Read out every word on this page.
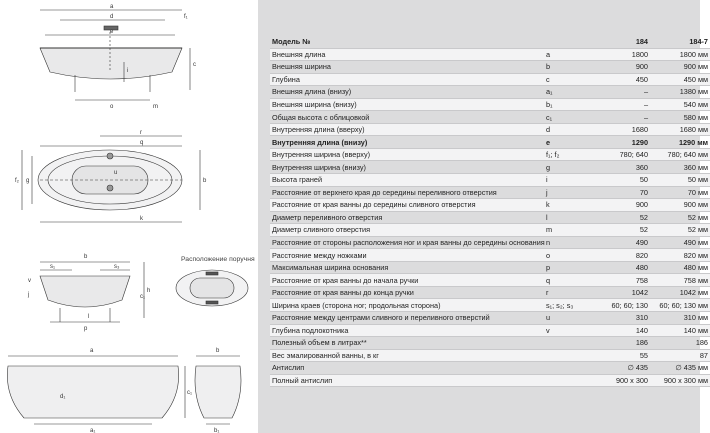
a
d	f₁
e
c
i
o	m
r
q
f₂ g	b
u
k
b
s₁	s₃
v
j
l
h
p
a
a₁
c₁
b
b₁
c₁
d₁
Расположение поручня
Модель №		184	184-7
Внешняя длина	a	1800	1800 мм
Внешняя ширина	b	900	900 мм
Глубина	c	450	450 мм
Внешняя длина (внизу)	a₁	–	1380 мм
Внешняя ширина (внизу)	b₁	–	540 мм
Общая высота с облицовкой	c₁	–	580 мм
Внутренняя длина (вверху)	d	1680	1680 мм
Внутренняя длина (внизу)	e	1290	1290 мм
Внутренняя ширина (вверху)	f₁; f₂	780; 640	780; 640 мм
Внутренняя ширина (внизу)	g	360	360 мм
Высота граней	i	50	50 мм
Расстояние от верхнего края до середины переливного отверстия	j	70	70 мм
Расстояние от края ванны до середины сливного отверстия	k	900	900 мм
Диаметр переливного отверстия	l	52	52 мм
Диаметр сливного отверстия	m	52	52 мм
Расстояние от стороны расположения ног и края ванны до середины основания	n	490	490 мм
Расстояние между ножками	o	820	820 мм
Максимальная ширина основания	p	480	480 мм
Расстояние от края ванны до начала ручки	q	758	758 мм
Расстояние от края ванны до конца ручки	r	1042	1042 мм
Ширина краев (сторона ног; продольная сторона)	s₁; s₂; s₃	60; 60; 130	60; 60; 130 мм
Расстояние между центрами сливного и переливного отверстий	u	310	310 мм
Глубина подлокотника	v	140	140 мм
Полезный объем в литрах**		186	186
Вес эмалированной ванны, в кг		55	87
Антислип		∅ 435	∅ 435 мм
Полный антислип		900 x 300	900 x 300 мм
